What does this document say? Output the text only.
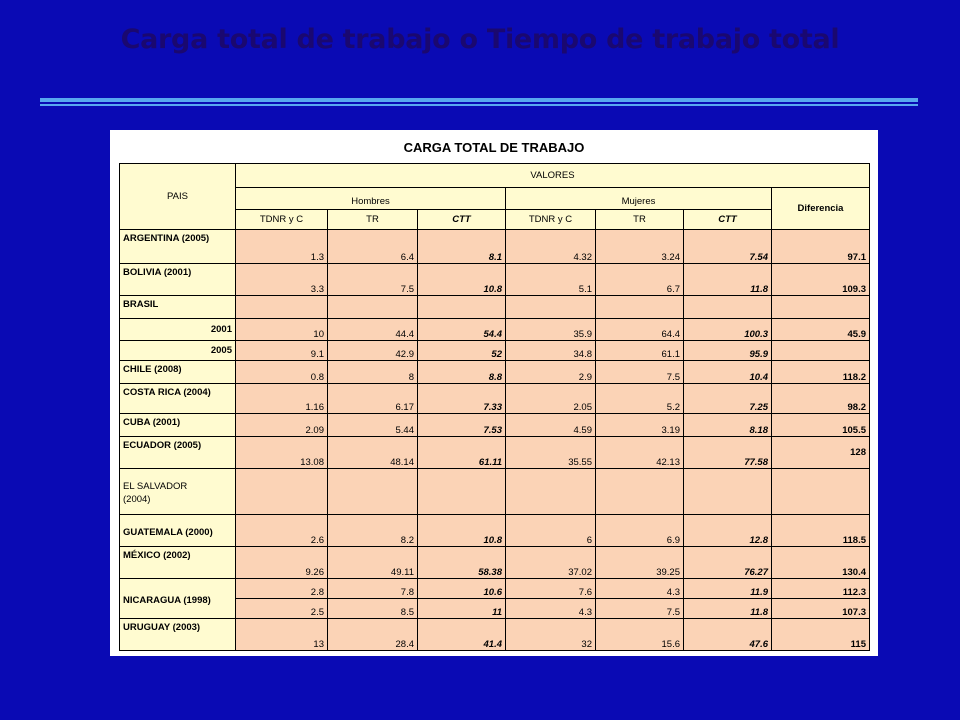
Carga total de trabajo o Tiempo de trabajo total
CARGA TOTAL DE TRABAJO
PAIS	VALORES						
	Hombres			Mujeres			Diferencia
	TDNR y C	TR	CTT	TDNR y C	TR	CTT	
ARGENTINA (2005)	1.3	6.4	8.1	4.32	3.24	7.54	97.1
BOLIVIA (2001)	3.3	7.5	10.8	5.1	6.7	11.8	109.3
BRASIL							
2001	10	44.4	54.4	35.9	64.4	100.3	45.9
2005	9.1	42.9	52	34.8	61.1	95.9	
CHILE (2008)	0.8	8	8.8	2.9	7.5	10.4	118.2
COSTA RICA (2004)	1.16	6.17	7.33	2.05	5.2	7.25	98.2
CUBA (2001)	2.09	5.44	7.53	4.59	3.19	8.18	105.5
ECUADOR (2005)	13.08	48.14	61.11	35.55	42.13	77.58	128
EL SALVADOR
(2004)							
GUATEMALA (2000)	2.6	8.2	10.8	6	6.9	12.8	118.5
MÉXICO (2002)	9.26	49.11	58.38	37.02	39.25	76.27	130.4
NICARAGUA (1998)	2.8	7.8	10.6	7.6	4.3	11.9	112.3
	2.5	8.5	11	4.3	7.5	11.8	107.3
URUGUAY (2003)	13	28.4	41.4	32	15.6	47.6	115
